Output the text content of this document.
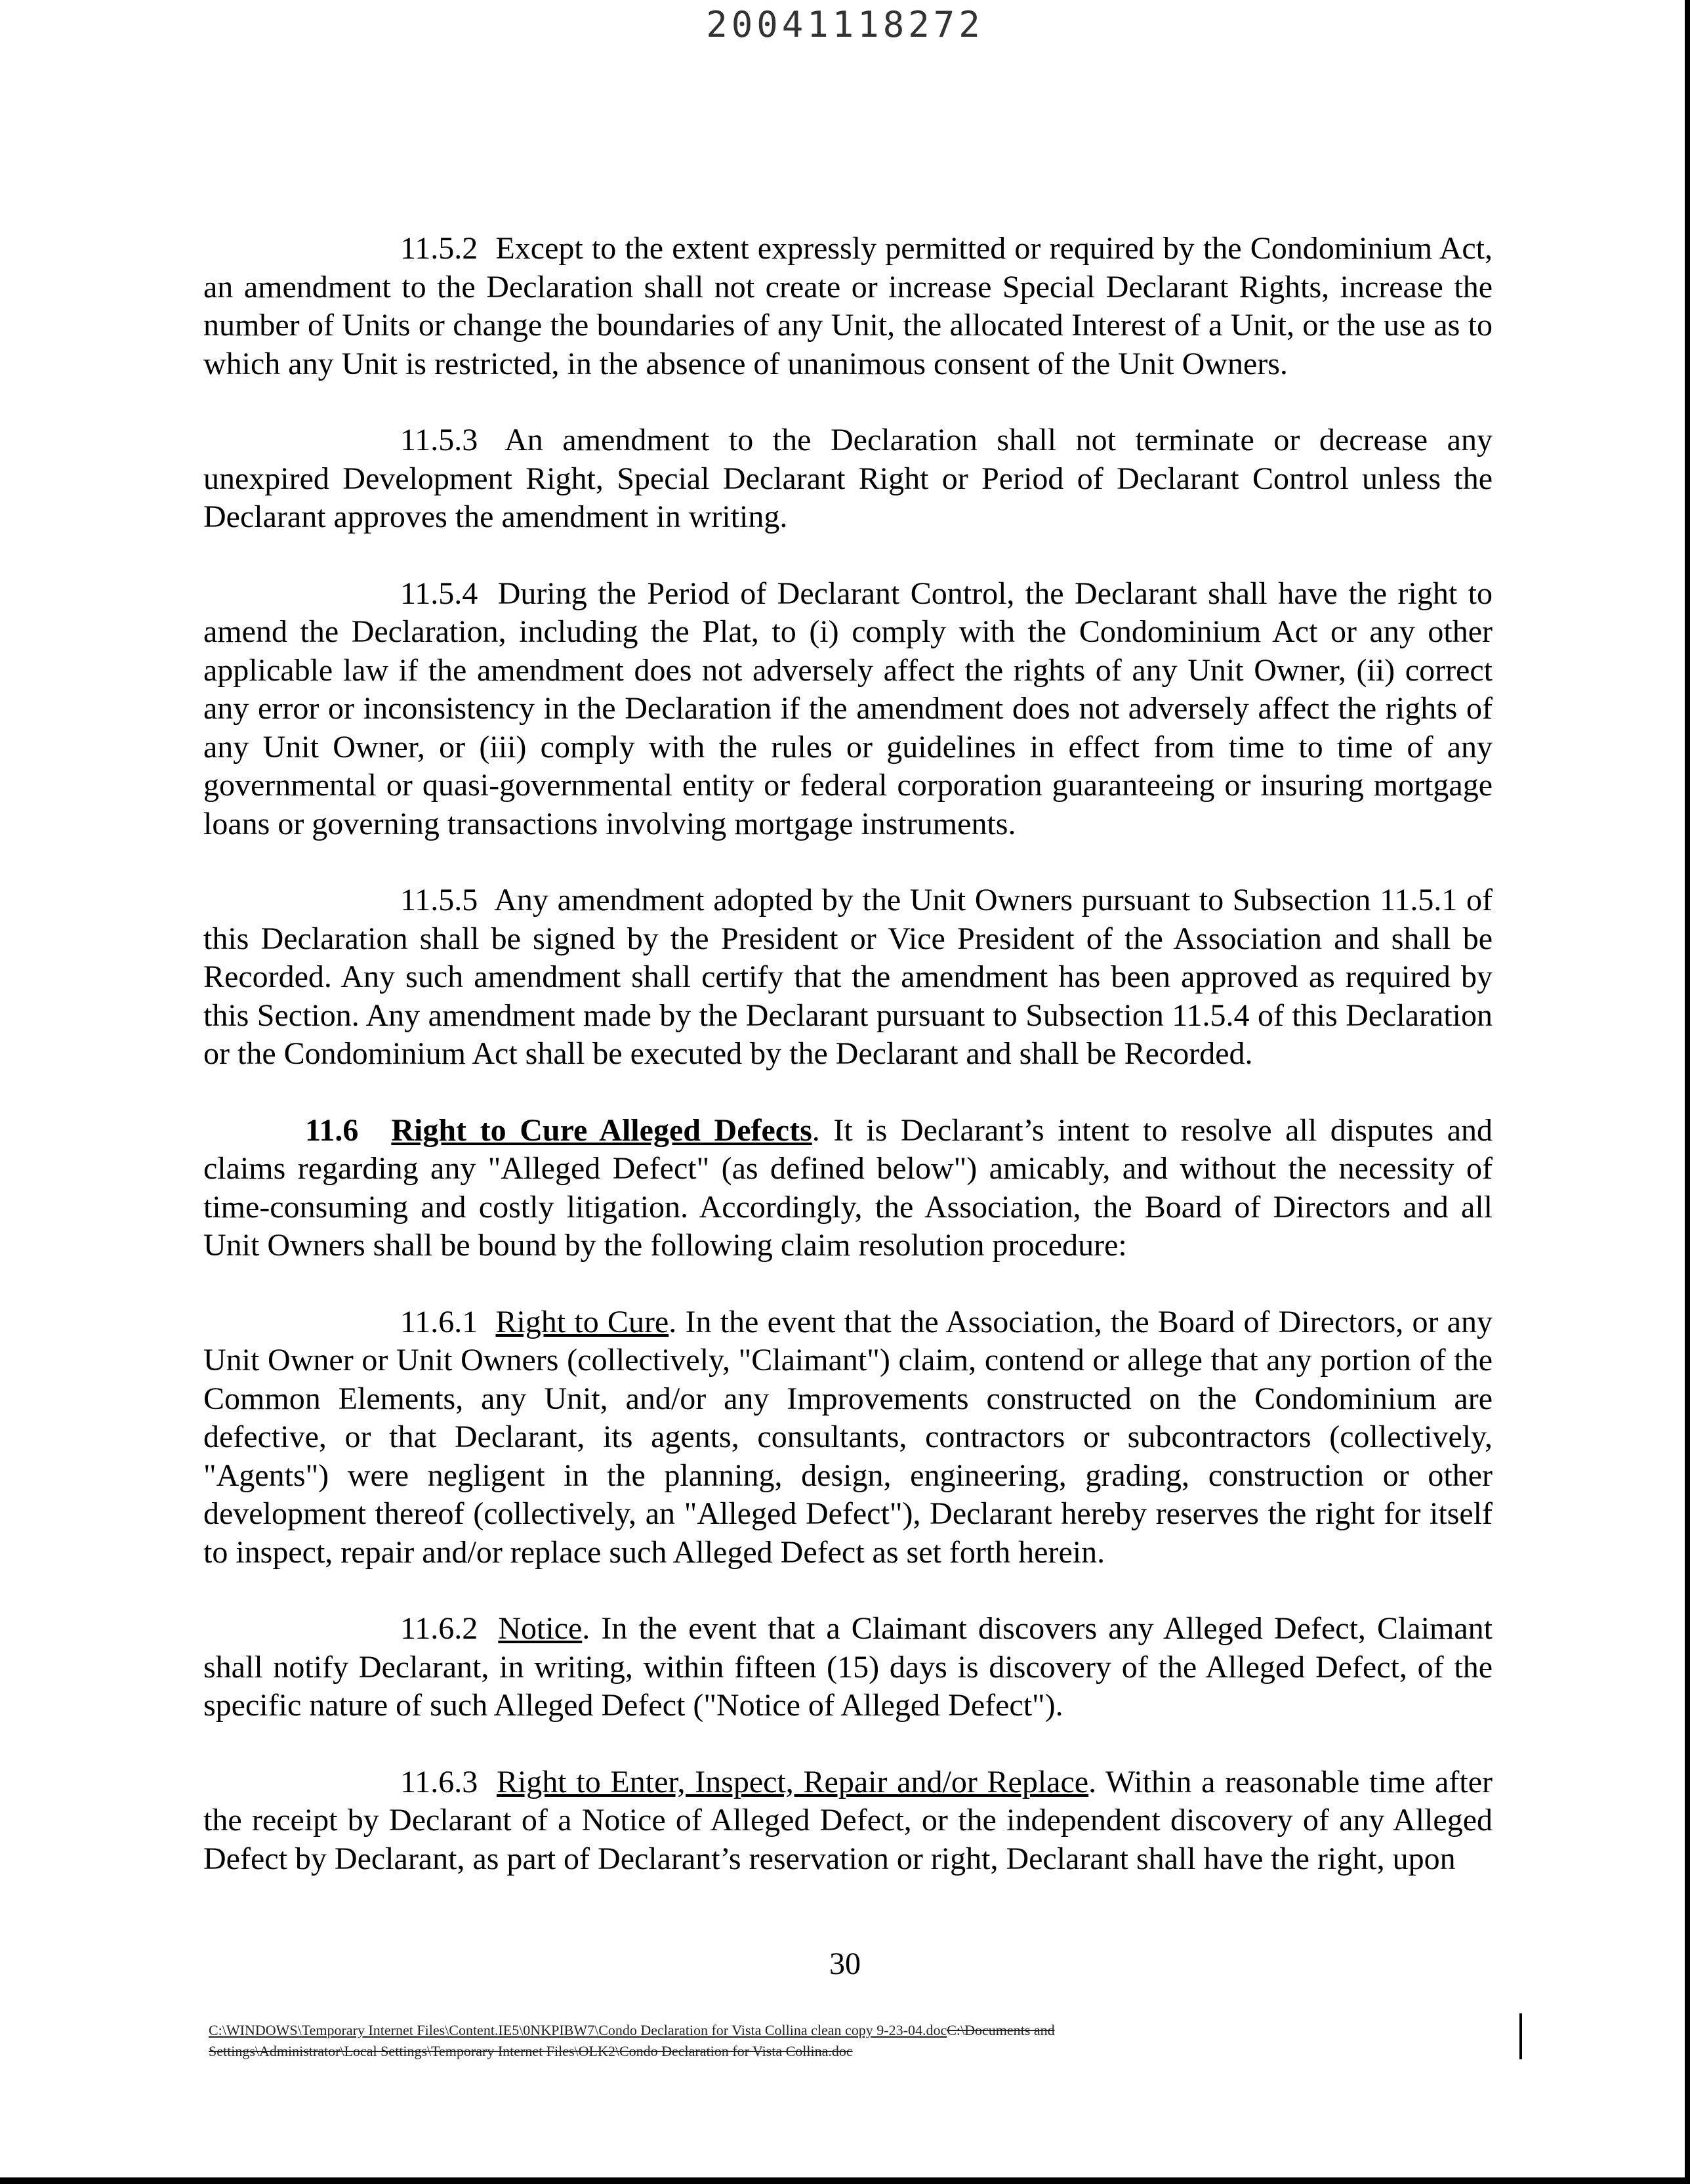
20041118272

11.5.2 Except to the extent expressly permitted or required by the Condominium Act, an amendment to the Declaration shall not create or increase Special Declarant Rights, increase the number of Units or change the boundaries of any Unit, the allocated Interest of a Unit, or the use as to which any Unit is restricted, in the absence of unanimous consent of the Unit Owners.

11.5.3 An amendment to the Declaration shall not terminate or decrease any unexpired Development Right, Special Declarant Right or Period of Declarant Control unless the Declarant approves the amendment in writing.

11.5.4 During the Period of Declarant Control, the Declarant shall have the right to amend the Declaration, including the Plat, to (i) comply with the Condominium Act or any other applicable law if the amendment does not adversely affect the rights of any Unit Owner, (ii) correct any error or inconsistency in the Declaration if the amendment does not adversely affect the rights of any Unit Owner, or (iii) comply with the rules or guidelines in effect from time to time of any governmental or quasi-governmental entity or federal corporation guaranteeing or insuring mortgage loans or governing transactions involving mortgage instruments.

11.5.5 Any amendment adopted by the Unit Owners pursuant to Subsection 11.5.1 of this Declaration shall be signed by the President or Vice President of the Association and shall be Recorded. Any such amendment shall certify that the amendment has been approved as required by this Section. Any amendment made by the Declarant pursuant to Subsection 11.5.4 of this Declaration or the Condominium Act shall be executed by the Declarant and shall be Recorded.

11.6 Right to Cure Alleged Defects. It is Declarant’s intent to resolve all disputes and claims regarding any "Alleged Defect" (as defined below") amicably, and without the necessity of time-consuming and costly litigation. Accordingly, the Association, the Board of Directors and all Unit Owners shall be bound by the following claim resolution procedure:

11.6.1 Right to Cure. In the event that the Association, the Board of Directors, or any Unit Owner or Unit Owners (collectively, "Claimant") claim, contend or allege that any portion of the Common Elements, any Unit, and/or any Improvements constructed on the Condominium are defective, or that Declarant, its agents, consultants, contractors or subcontractors (collectively, "Agents") were negligent in the planning, design, engineering, grading, construction or other development thereof (collectively, an "Alleged Defect"), Declarant hereby reserves the right for itself to inspect, repair and/or replace such Alleged Defect as set forth herein.

11.6.2 Notice. In the event that a Claimant discovers any Alleged Defect, Claimant shall notify Declarant, in writing, within fifteen (15) days is discovery of the Alleged Defect, of the specific nature of such Alleged Defect ("Notice of Alleged Defect").

11.6.3 Right to Enter, Inspect, Repair and/or Replace. Within a reasonable time after the receipt by Declarant of a Notice of Alleged Defect, or the independent discovery of any Alleged Defect by Declarant, as part of Declarant’s reservation or right, Declarant shall have the right, upon

30
C:\WINDOWS\Temporary Internet Files\Content.IE5\0NKPIBW7\Condo Declaration for Vista Collina clean copy 9-23-04.docC:\Documents and
Settings\Administrator\Local Settings\Temporary Internet Files\OLK2\Condo Declaration for Vista Collina.doc
